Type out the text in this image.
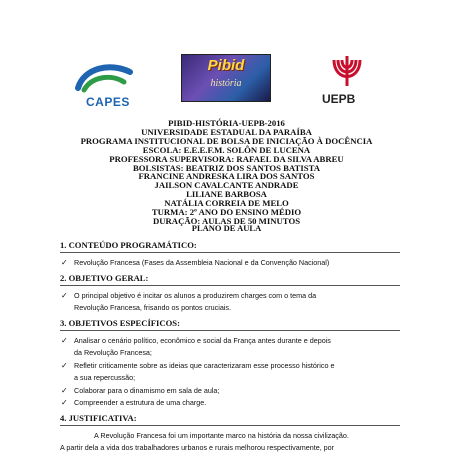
CAPES
Pibid
história
UEPB
PIBID-HISTÓRIA-UEPB-2016
UNIVERSIDADE ESTADUAL DA PARAÍBA
PROGRAMA INSTITUCIONAL DE BOLSA DE INICIAÇÃO À DOCÊNCIA
ESCOLA: E.E.E.F.M. SOLÔN DE LUCENA
PROFESSORA SUPERVISORA: RAFAEL DA SILVA ABREU
BOLSISTAS: BEATRIZ DOS SANTOS BATISTA
FRANCINE ANDRESKA LIRA DOS SANTOS
JAILSON CAVALCANTE ANDRADE
LILIANE BARBOSA
NATÁLIA CORREIA DE MELO
TURMA: 2º ANO DO ENSINO MÉDIO
DURAÇÃO: AULAS DE 50 MINUTOS
PLANO DE AULA
1. CONTEÚDO PROGRAMÁTICO:
✓ Revolução Francesa (Fases da Assembleia Nacional e da Convenção Nacional)
2. OBJETIVO GERAL:
✓ O principal objetivo é incitar os alunos a produzirem charges com o tema da
Revolução Francesa, frisando os pontos cruciais.
3. OBJETIVOS ESPECÍFICOS:
✓ Analisar o cenário político, econômico e social da França antes durante e depois
da Revolução Francesa;
✓ Refletir criticamente sobre as ideias que caracterizaram esse processo histórico e
a sua repercussão;
✓ Colaborar para o dinamismo em sala de aula;
✓ Compreender a estrutura de uma charge.
4. JUSTIFICATIVA:
A Revolução Francesa foi um importante marco na história da nossa civilização.
A partir dela a vida dos trabalhadores urbanos e rurais melhorou respectivamente, por
